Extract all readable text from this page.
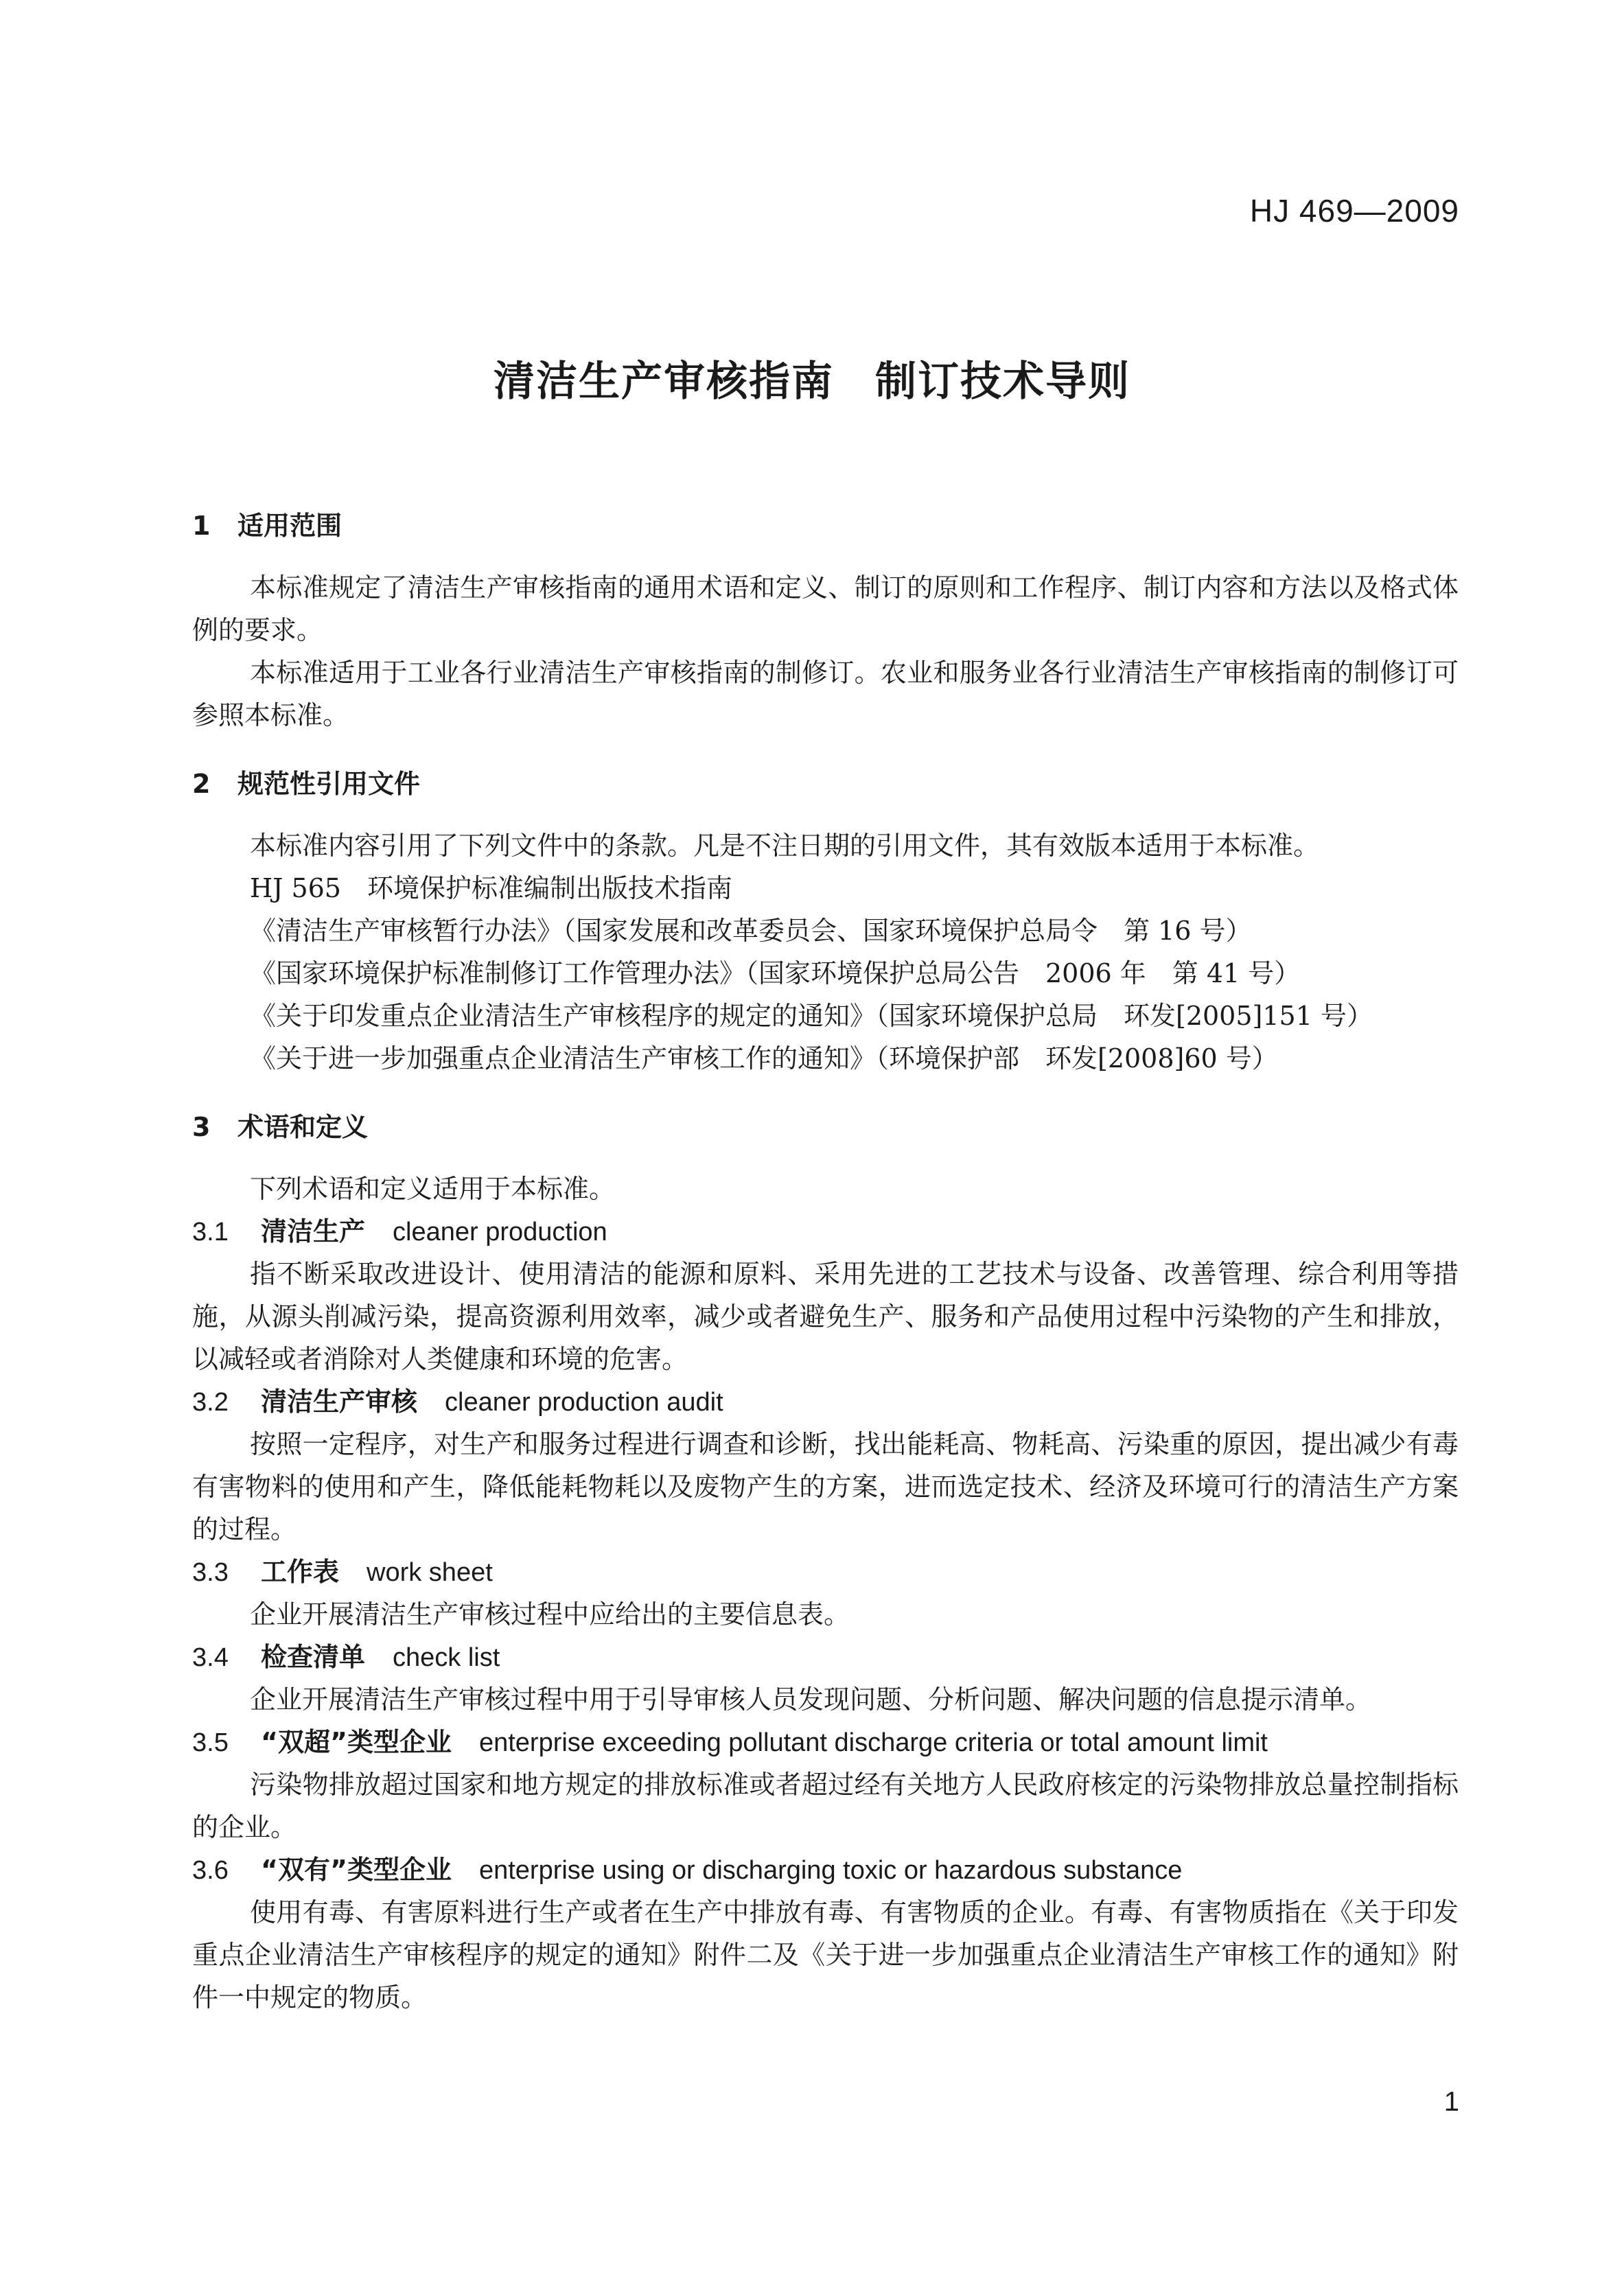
HJ 469—2009
清洁生产审核指南 制订技术导则
1 适用范围

本标准规定了清洁生产审核指南的通用术语和定义、制订的原则和工作程序、制订内容和方法以及格式体例的要求。

本标准适用于工业各行业清洁生产审核指南的制修订。农业和服务业各行业清洁生产审核指南的制修订可参照本标准。

2 规范性引用文件

本标准内容引用了下列文件中的条款。凡是不注日期的引用文件，其有效版本适用于本标准。

HJ 565　环境保护标准编制出版技术指南
《清洁生产审核暂行办法》（国家发展和改革委员会、国家环境保护总局令　第 16 号）
《国家环境保护标准制修订工作管理办法》（国家环境保护总局公告　2006 年　第 41 号）
《关于印发重点企业清洁生产审核程序的规定的通知》（国家环境保护总局　环发[2005]151 号）
《关于进一步加强重点企业清洁生产审核工作的通知》（环境保护部　环发[2008]60 号）
3 术语和定义

下列术语和定义适用于本标准。

3.1 清洁生产 cleaner production

指不断采取改进设计、使用清洁的能源和原料、采用先进的工艺技术与设备、改善管理、综合利用等措施，从源头削减污染，提高资源利用效率，减少或者避免生产、服务和产品使用过程中污染物的产生和排放，以减轻或者消除对人类健康和环境的危害。

3.2 清洁生产审核 cleaner production audit

按照一定程序，对生产和服务过程进行调查和诊断，找出能耗高、物耗高、污染重的原因，提出减少有毒有害物料的使用和产生，降低能耗物耗以及废物产生的方案，进而选定技术、经济及环境可行的清洁生产方案的过程。

3.3 工作表 work sheet

企业开展清洁生产审核过程中应给出的主要信息表。

3.4 检查清单 check list

企业开展清洁生产审核过程中用于引导审核人员发现问题、分析问题、解决问题的信息提示清单。

3.5 “双超”类型企业 enterprise exceeding pollutant discharge criteria or total amount limit

污染物排放超过国家和地方规定的排放标准或者超过经有关地方人民政府核定的污染物排放总量控制指标的企业。

3.6 “双有”类型企业 enterprise using or discharging toxic or hazardous substance

使用有毒、有害原料进行生产或者在生产中排放有毒、有害物质的企业。有毒、有害物质指在《关于印发重点企业清洁生产审核程序的规定的通知》附件二及《关于进一步加强重点企业清洁生产审核工作的通知》附件一中规定的物质。

1
